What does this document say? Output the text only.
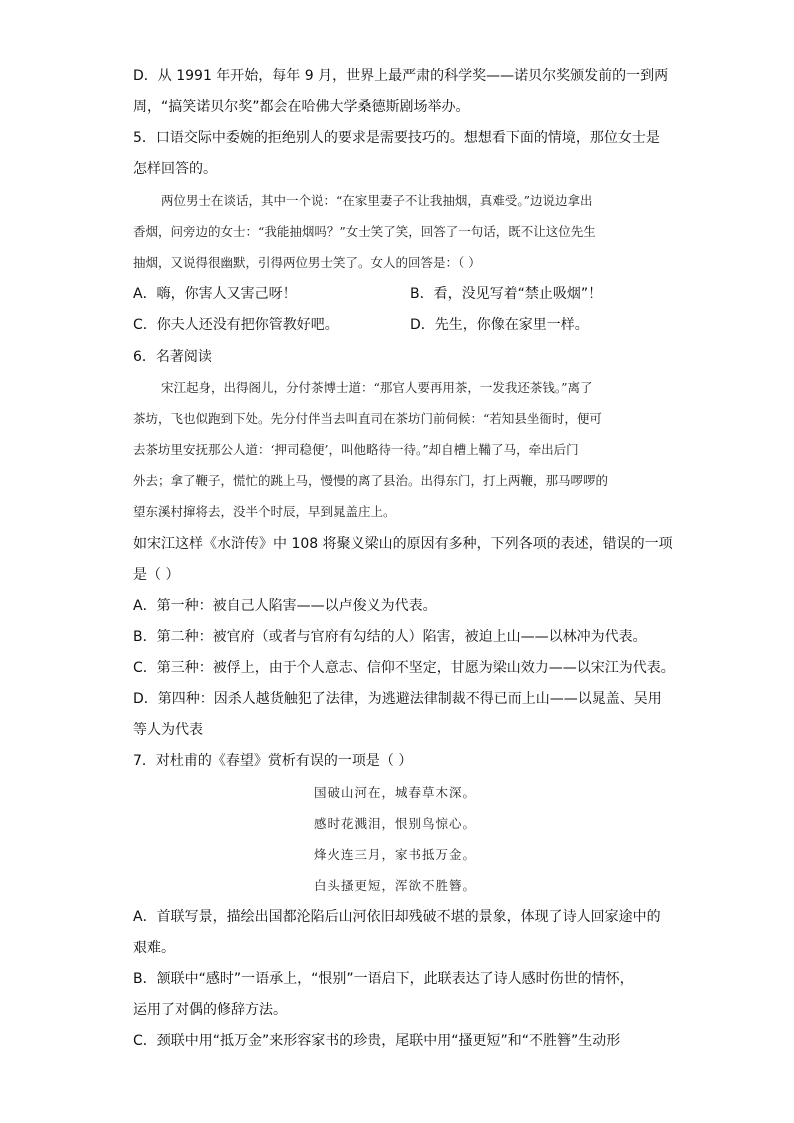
D．从 1991 年开始，每年 9 月，世界上最严肃的科学奖——诺贝尔奖颁发前的一到两
周，“搞笑诺贝尔奖”都会在哈佛大学桑德斯剧场举办。
5．口语交际中委婉的拒绝别人的要求是需要技巧的。想想看下面的情境，那位女士是
怎样回答的。
两位男士在谈话，其中一个说：“在家里妻子不让我抽烟，真难受。”边说边拿出
香烟，问旁边的女士：“我能抽烟吗？”女士笑了笑，回答了一句话，既不让这位先生
抽烟，又说得很幽默，引得两位男士笑了。女人的回答是：（ ）
A．嗨，你害人又害己呀！	B．看，没见写着“禁止吸烟”！
C．你夫人还没有把你管教好吧。	D．先生，你像在家里一样。
6．名著阅读
宋江起身，出得阁儿，分付茶博士道：“那官人要再用茶，一发我还茶钱。”离了
茶坊，飞也似跑到下处。先分付伴当去叫直司在茶坊门前伺候：“若知县坐衙时，便可
去茶坊里安抚那公人道：‘押司稳便’，叫他略待一待。”却自槽上鞴了马，牵出后门
外去；拿了鞭子，慌忙的跳上马，慢慢的离了县治。出得东门，打上两鞭，那马啰啰的
望东溪村撺将去，没半个时辰，早到晁盖庄上。
如宋江这样《水浒传》中 108 将聚义梁山的原因有多种，下列各项的表述，错误的一项
是（ ）
A．第一种：被自己人陷害——以卢俊义为代表。
B．第二种：被官府（或者与官府有勾结的人）陷害，被迫上山——以林冲为代表。
C．第三种：被俘上，由于个人意志、信仰不坚定，甘愿为梁山效力——以宋江为代表。
D．第四种：因杀人越货触犯了法律，为逃避法律制裁不得已而上山——以晁盖、吴用
等人为代表
7．对杜甫的《春望》赏析有误的一项是（ ）
国破山河在，城春草木深。
感时花溅泪，恨别鸟惊心。
烽火连三月，家书抵万金。
白头搔更短，浑欲不胜簪。
A．首联写景，描绘出国都沦陷后山河依旧却残破不堪的景象，体现了诗人回家途中的
艰难。
B．颔联中“感时”一语承上，“恨别”一语启下，此联表达了诗人感时伤世的情怀，
运用了对偶的修辞方法。
C．颈联中用“抵万金”来形容家书的珍贵，尾联中用“搔更短”和“不胜簪”生动形
